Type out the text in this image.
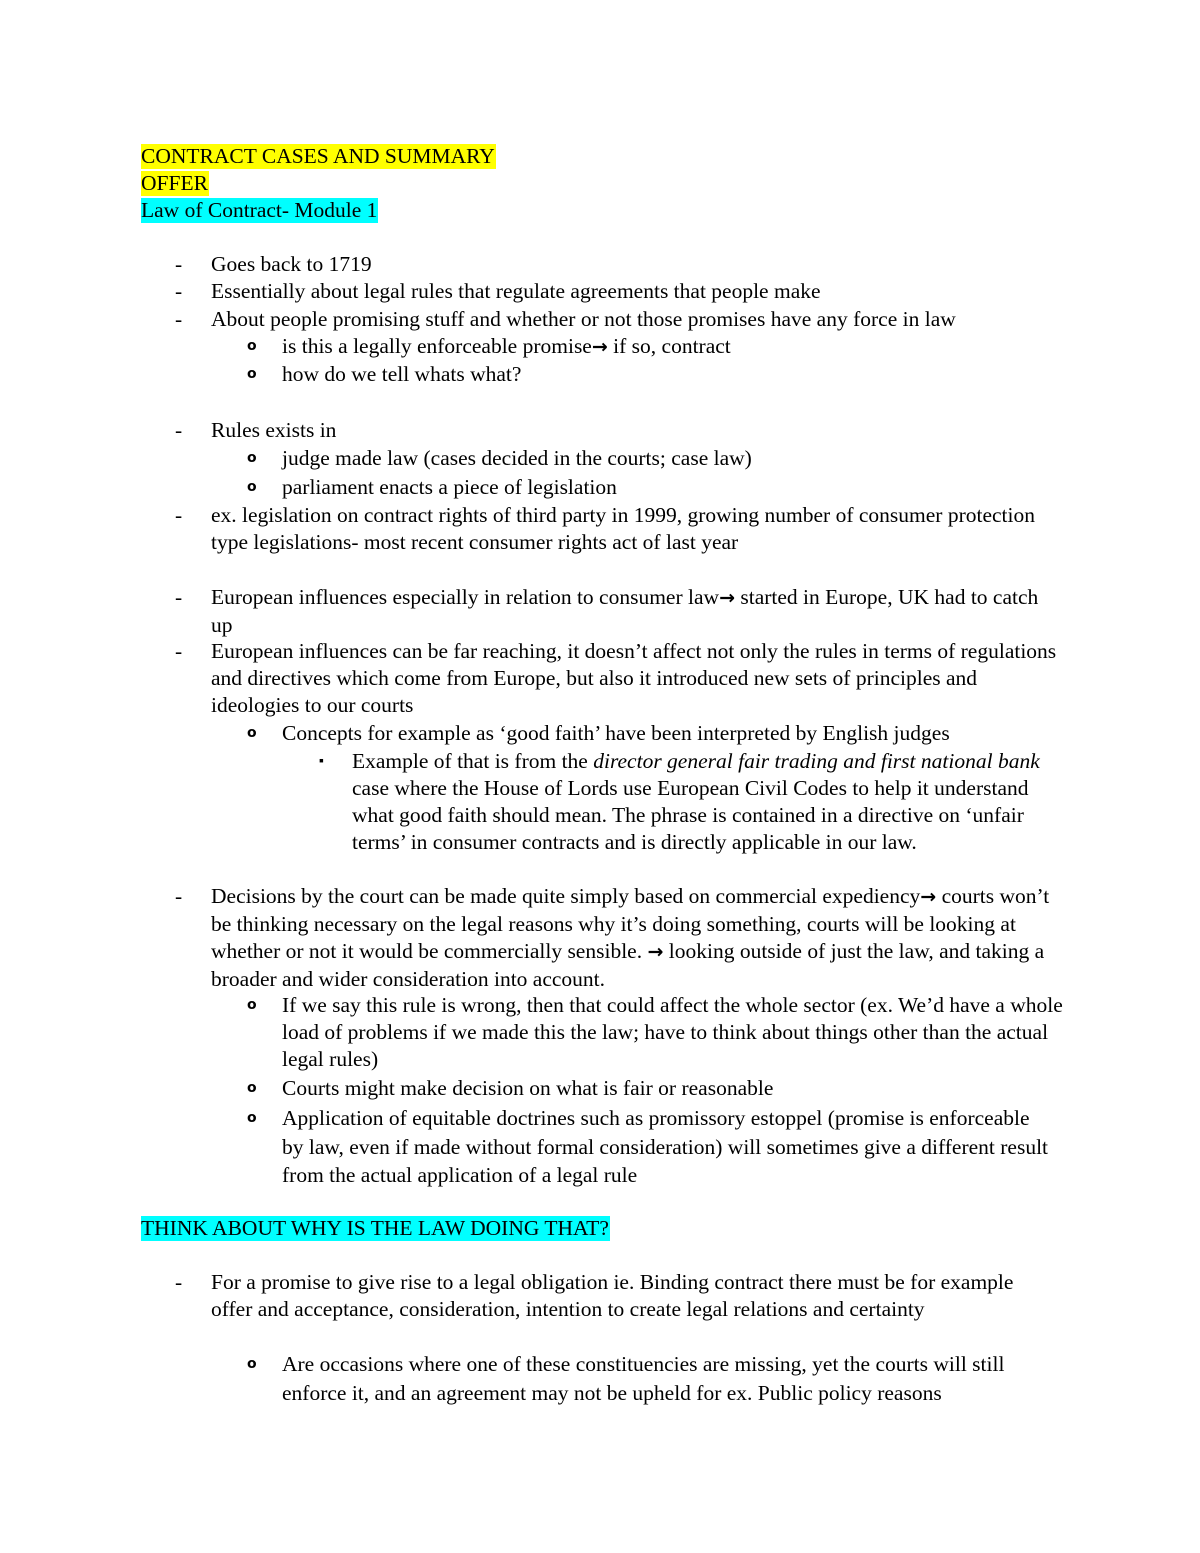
CONTRACT CASES AND SUMMARY
OFFER
Law of Contract- Module 1
- Goes back to 1719
- Essentially about legal rules that regulate agreements that people make
- About people promising stuff and whether or not those promises have any force in law
o is this a legally enforceable promise→ if so, contract
o how do we tell whats what?
- Rules exists in
o judge made law (cases decided in the courts; case law)
o parliament enacts a piece of legislation
- ex. legislation on contract rights of third party in 1999, growing number of consumer protection type legislations- most recent consumer rights act of last year
- European influences especially in relation to consumer law→ started in Europe, UK had to catch up
- European influences can be far reaching, it doesn’t affect not only the rules in terms of regulations and directives which come from Europe, but also it introduced new sets of principles and ideologies to our courts
o Concepts for example as ‘good faith’ have been interpreted by English judges
▪ Example of that is from the director general fair trading and first national bank case where the House of Lords use European Civil Codes to help it understand what good faith should mean. The phrase is contained in a directive on ‘unfair terms’ in consumer contracts and is directly applicable in our law.
- Decisions by the court can be made quite simply based on commercial expediency→ courts won’t be thinking necessary on the legal reasons why it’s doing something, courts will be looking at whether or not it would be commercially sensible. → looking outside of just the law, and taking a broader and wider consideration into account.
o If we say this rule is wrong, then that could affect the whole sector (ex. We’d have a whole load of problems if we made this the law; have to think about things other than the actual legal rules)
o Courts might make decision on what is fair or reasonable
o Application of equitable doctrines such as promissory estoppel (promise is enforceable by law, even if made without formal consideration) will sometimes give a different result from the actual application of a legal rule
THINK ABOUT WHY IS THE LAW DOING THAT?
- For a promise to give rise to a legal obligation ie. Binding contract there must be for example offer and acceptance, consideration, intention to create legal relations and certainty
o Are occasions where one of these constituencies are missing, yet the courts will still enforce it, and an agreement may not be upheld for ex. Public policy reasons
